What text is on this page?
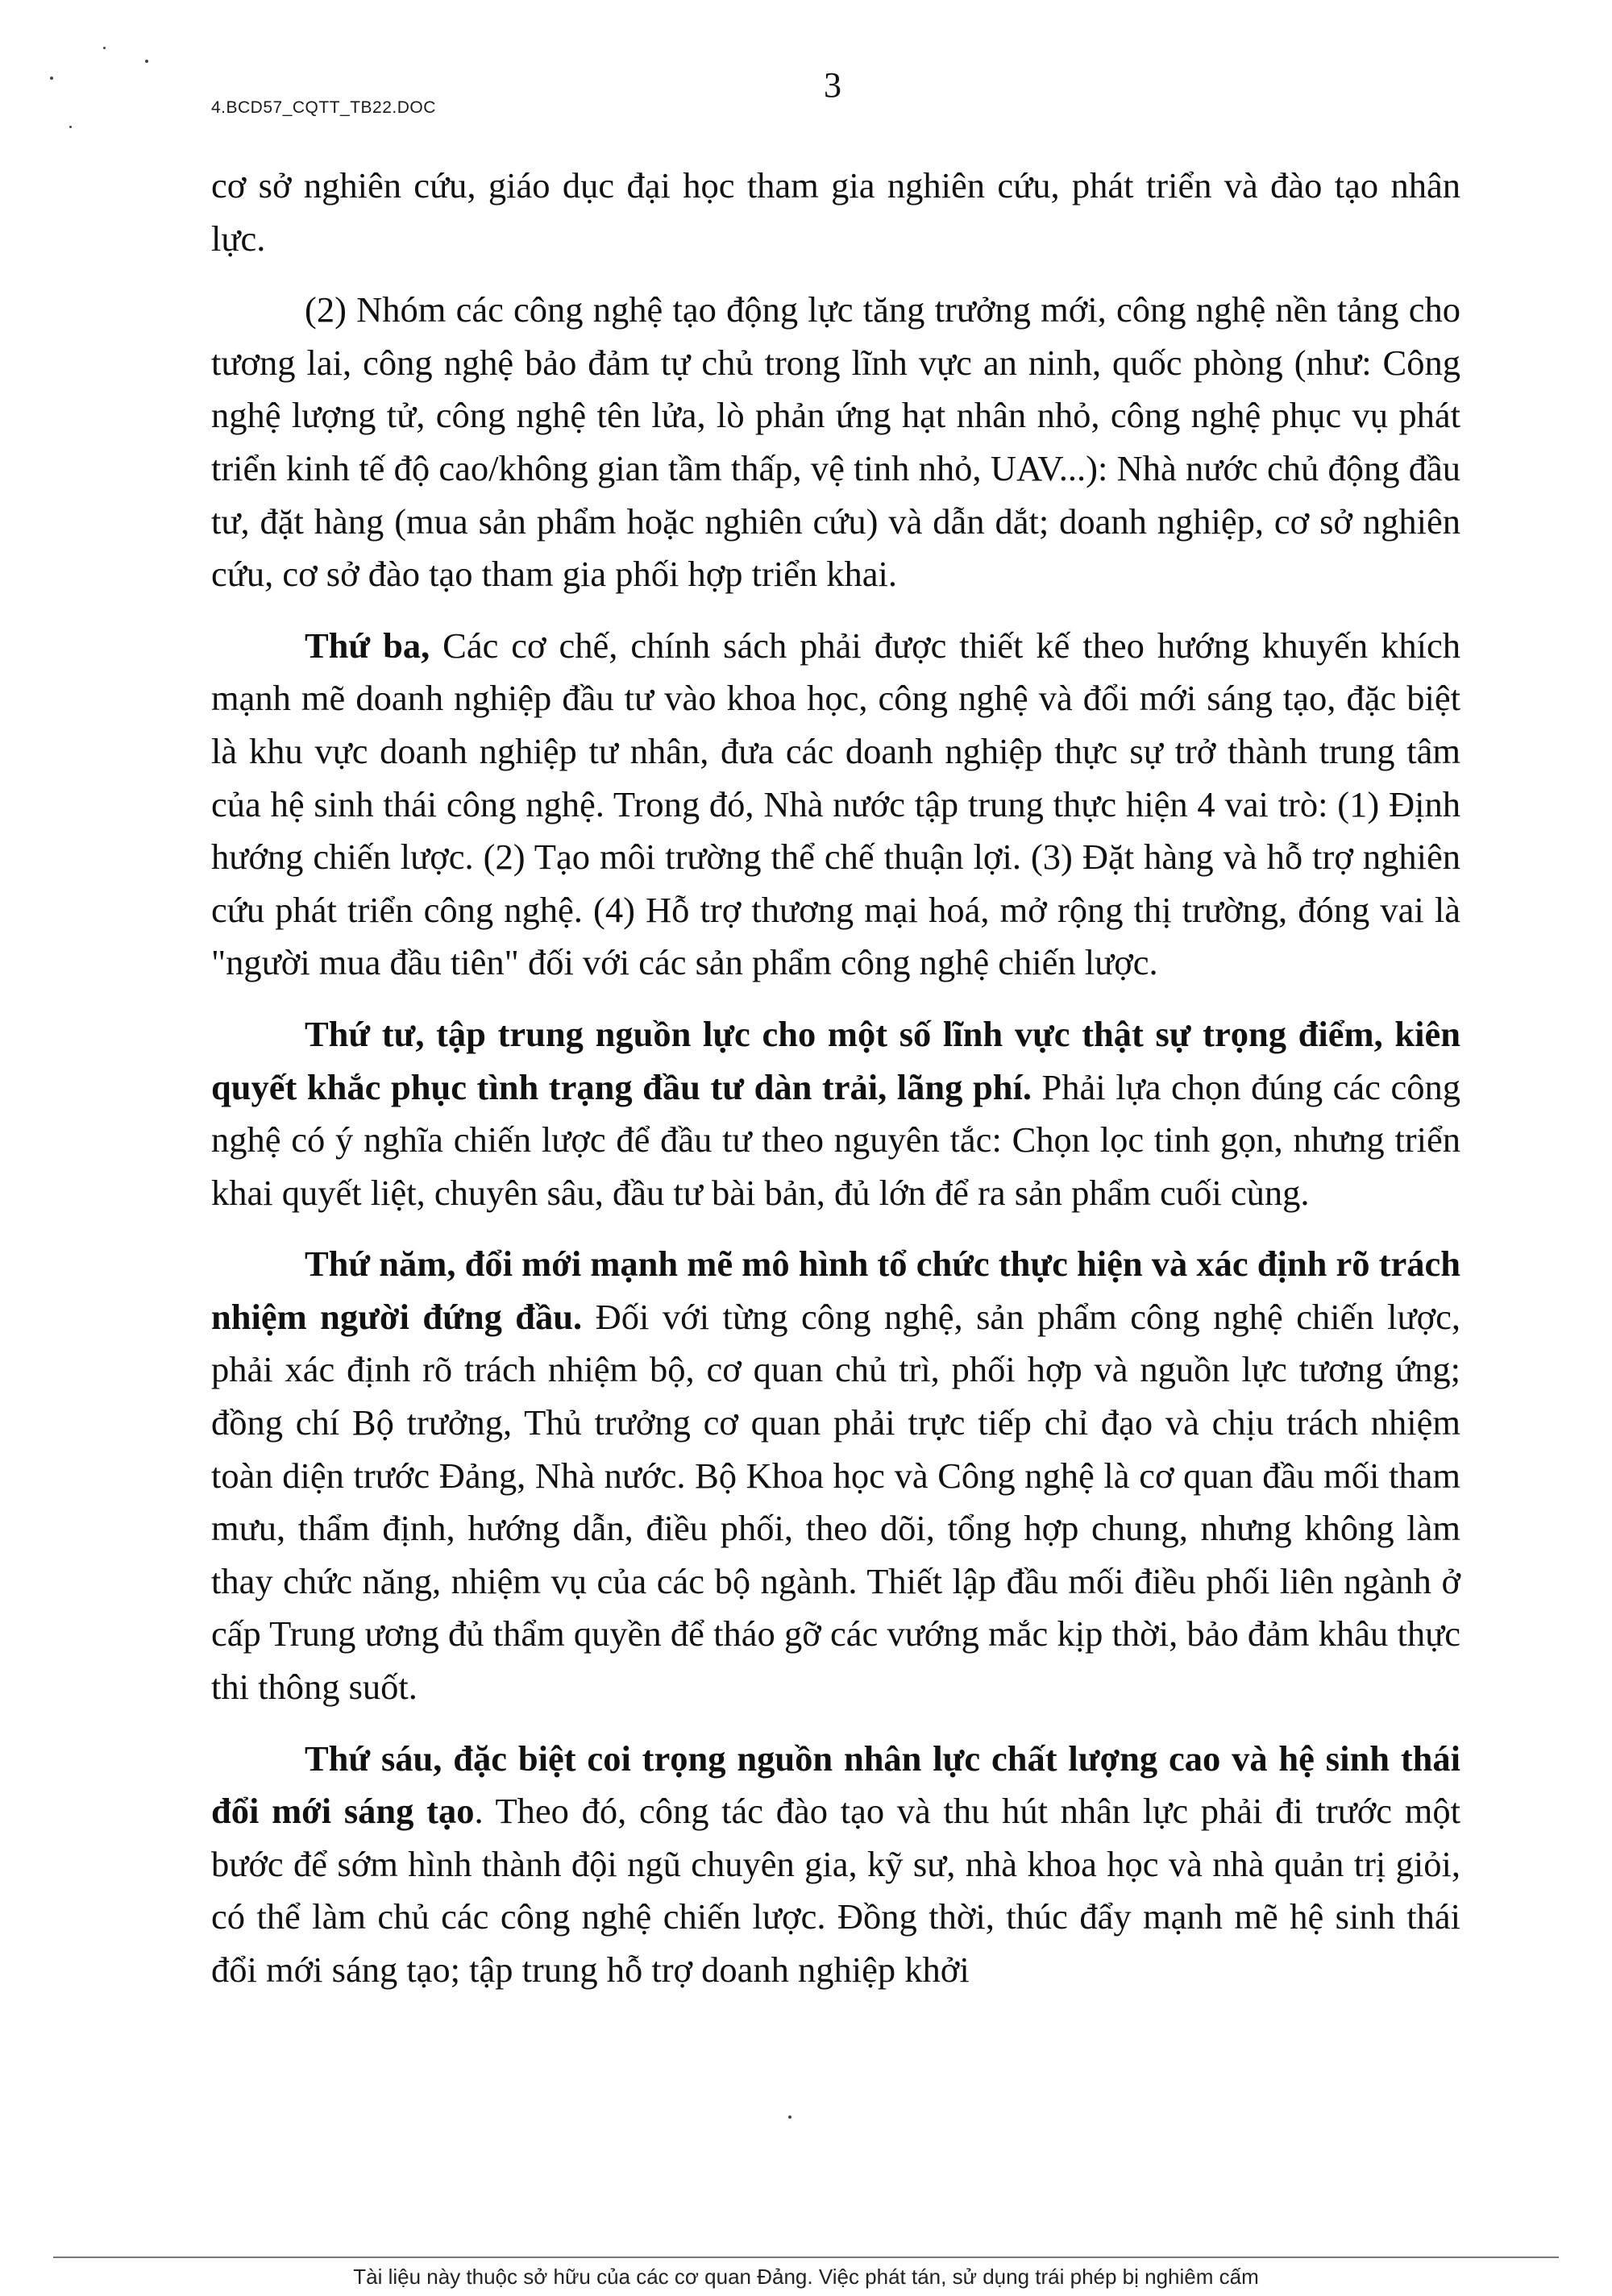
4.BCD57_CQTT_TB22.DOC
3

cơ sở nghiên cứu, giáo dục đại học tham gia nghiên cứu, phát triển và đào tạo nhân lực.

(2) Nhóm các công nghệ tạo động lực tăng trưởng mới, công nghệ nền tảng cho tương lai, công nghệ bảo đảm tự chủ trong lĩnh vực an ninh, quốc phòng (như: Công nghệ lượng tử, công nghệ tên lửa, lò phản ứng hạt nhân nhỏ, công nghệ phục vụ phát triển kinh tế độ cao/không gian tầm thấp, vệ tinh nhỏ, UAV...): Nhà nước chủ động đầu tư, đặt hàng (mua sản phẩm hoặc nghiên cứu) và dẫn dắt; doanh nghiệp, cơ sở nghiên cứu, cơ sở đào tạo tham gia phối hợp triển khai.

Thứ ba, Các cơ chế, chính sách phải được thiết kế theo hướng khuyến khích mạnh mẽ doanh nghiệp đầu tư vào khoa học, công nghệ và đổi mới sáng tạo, đặc biệt là khu vực doanh nghiệp tư nhân, đưa các doanh nghiệp thực sự trở thành trung tâm của hệ sinh thái công nghệ. Trong đó, Nhà nước tập trung thực hiện 4 vai trò: (1) Định hướng chiến lược. (2) Tạo môi trường thể chế thuận lợi. (3) Đặt hàng và hỗ trợ nghiên cứu phát triển công nghệ. (4) Hỗ trợ thương mại hoá, mở rộng thị trường, đóng vai là "người mua đầu tiên" đối với các sản phẩm công nghệ chiến lược.

Thứ tư, tập trung nguồn lực cho một số lĩnh vực thật sự trọng điểm, kiên quyết khắc phục tình trạng đầu tư dàn trải, lãng phí. Phải lựa chọn đúng các công nghệ có ý nghĩa chiến lược để đầu tư theo nguyên tắc: Chọn lọc tinh gọn, nhưng triển khai quyết liệt, chuyên sâu, đầu tư bài bản, đủ lớn để ra sản phẩm cuối cùng.

Thứ năm, đổi mới mạnh mẽ mô hình tổ chức thực hiện và xác định rõ trách nhiệm người đứng đầu. Đối với từng công nghệ, sản phẩm công nghệ chiến lược, phải xác định rõ trách nhiệm bộ, cơ quan chủ trì, phối hợp và nguồn lực tương ứng; đồng chí Bộ trưởng, Thủ trưởng cơ quan phải trực tiếp chỉ đạo và chịu trách nhiệm toàn diện trước Đảng, Nhà nước. Bộ Khoa học và Công nghệ là cơ quan đầu mối tham mưu, thẩm định, hướng dẫn, điều phối, theo dõi, tổng hợp chung, nhưng không làm thay chức năng, nhiệm vụ của các bộ ngành. Thiết lập đầu mối điều phối liên ngành ở cấp Trung ương đủ thẩm quyền để tháo gỡ các vướng mắc kịp thời, bảo đảm khâu thực thi thông suốt.

Thứ sáu, đặc biệt coi trọng nguồn nhân lực chất lượng cao và hệ sinh thái đổi mới sáng tạo. Theo đó, công tác đào tạo và thu hút nhân lực phải đi trước một bước để sớm hình thành đội ngũ chuyên gia, kỹ sư, nhà khoa học và nhà quản trị giỏi, có thể làm chủ các công nghệ chiến lược. Đồng thời, thúc đẩy mạnh mẽ hệ sinh thái đổi mới sáng tạo; tập trung hỗ trợ doanh nghiệp khởi

Tài liệu này thuộc sở hữu của các cơ quan Đảng. Việc phát tán, sử dụng trái phép bị nghiêm cấm
